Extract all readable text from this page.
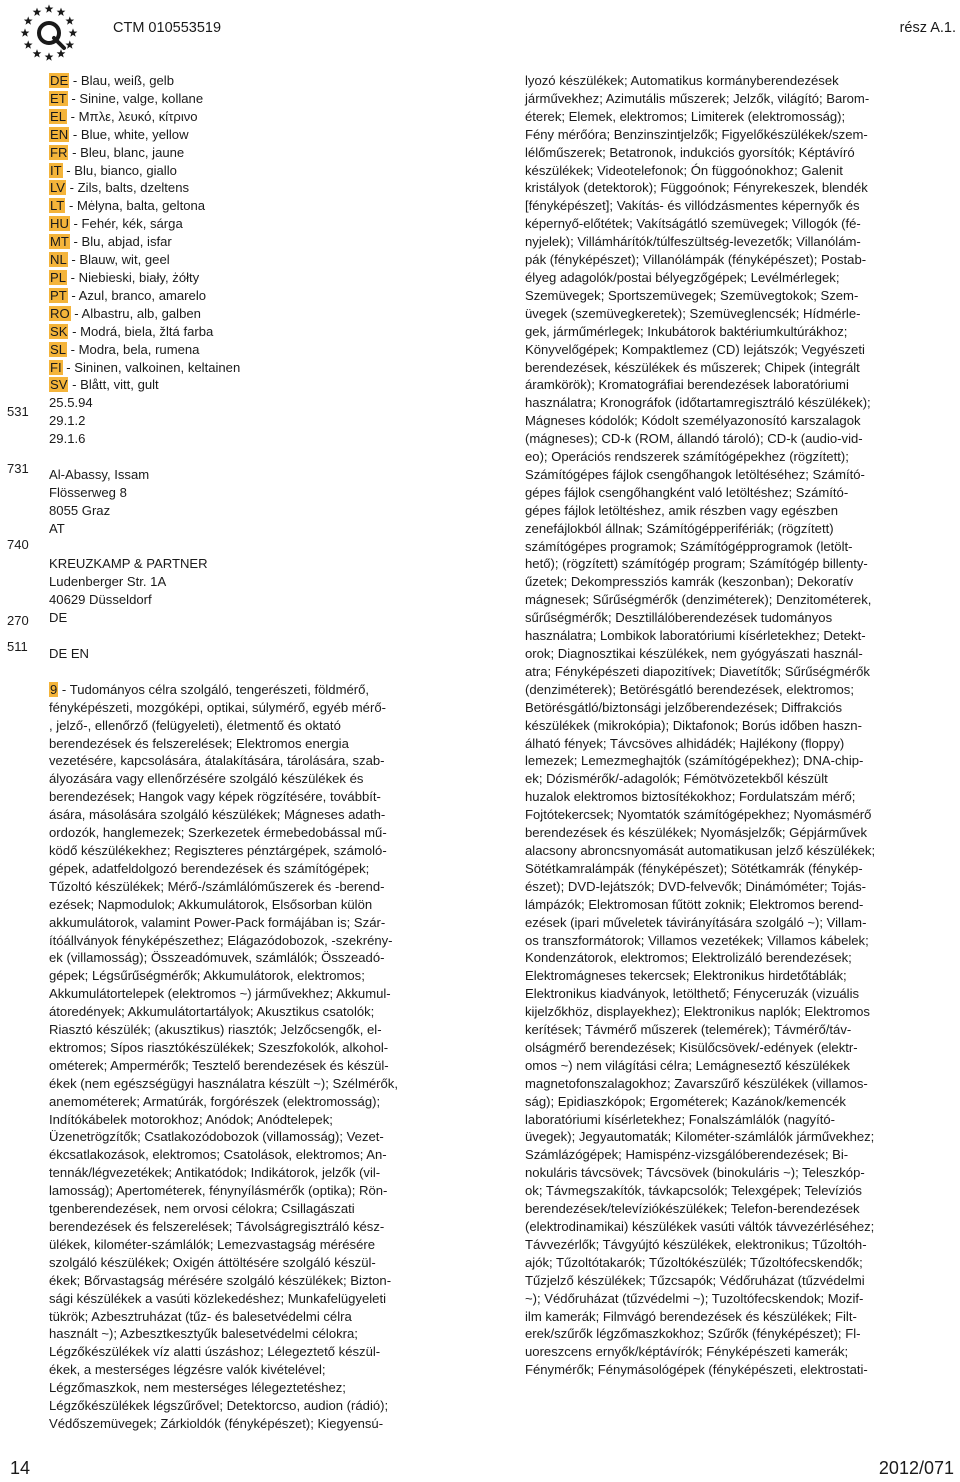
CTM 010553519	rész A.1.
DE - Blau, weiß, gelb
ET - Sinine, valge, kollane
EL - Μπλε, λευκό, κίτρινο
EN - Blue, white, yellow
FR - Bleu, blanc, jaune
IT - Blu, bianco, giallo
LV - Zils, balts, dzeltens
LT - Mėlyna, balta, geltona
HU - Fehér, kék, sárga
MT - Blu, abjad, isfar
NL - Blauw, wit, geel
PL - Niebieski, biały, żółty
PT - Azul, branco, amarelo
RO - Albastru, alb, galben
SK - Modrá, biela, žltá farba
SL - Modra, bela, rumena
FI - Sininen, valkoinen, keltainen
SV - Blått, vitt, gult
25.5.94
29.1.2
29.1.6

Al-Abassy, Issam
Flösserweg 8
8055 Graz
AT

KREUZKAMP & PARTNER
Ludenberger Str. 1A
40629 Düsseldorf
DE

DE EN

9 - Tudományos célra szolgáló, tengerészeti, földmérő,
fényképészeti, mozgóképi, optikai, súlymérő, egyéb mérő-
, jelző-, ellenőrző (felügyeleti), életmentő és oktató
berendezések és felszerelések; Elektromos energia
vezetésére, kapcsolására, átalakítására, tárolására, szab-
ályozására vagy ellenőrzésére szolgáló készülékek és
berendezések; Hangok vagy képek rögzítésére, továbbít-
ására, másolására szolgáló készülékek; Mágneses adath-
ordozók, hanglemezek; Szerkezetek érmebedobással mű-
ködő készülékekhez; Regiszteres pénztárgépek, számoló-
gépek, adatfeldolgozó berendezések és számítógépek;
Tűzoltó készülékek; Mérő-/számlálóműszerek és -berend-
ezések; Napmodulok; Akkumulátorok, Elsősorban külön
akkumulátorok, valamint Power-Pack formájában is; Szár-
ítóállványok fényképészethez; Elágazódobozok, -szekrény-
ek (villamosság); Összeadómuvek, számlálók; Összeadó-
gépek; Légsűrűségmérők; Akkumulátorok, elektromos;
Akkumulátortelepek (elektromos ~) járművekhez; Akkumul-
átoredények; Akkumulátortartályok; Akusztikus csatolók;
Riasztó készülék; (akusztikus) riasztók; Jelzőcsengők, el-
ektromos; Sípos riasztókészülékek; Szeszfokolók, alkohol-
ométerek; Ampermérők; Tesztelő berendezések és készül-
ékek (nem egészségügyi használatra készült ~); Szélmérők,
anemométerek; Armatúrák, forgórészek (elektromosság);
Indítókábelek motorokhoz; Anódok; Anódtelepek;
Üzenetrögzítők; Csatlakozódobozok (villamosság); Vezet-
ékcsatlakozások, elektromos; Csatolások, elektromos; An-
tennák/légvezetékek; Antikatódok; Indikátorok, jelzők (vil-
lamosság); Apertométerek, fénynyílásmérők (optika); Rön-
tgenberendezések, nem orvosi célokra; Csillagászati
berendezések és felszerelések; Távolságregisztráló kész-
ülékek, kilométer-számlálók; Lemezvastagság mérésére
szolgáló készülékek; Oxigén áttöltésére szolgáló készül-
ékek; Bőrvastagság mérésére szolgáló készülékek; Bizton-
sági készülékek a vasúti közlekedéshez; Munkafelügyeleti
tükrök; Azbesztruházat (tűz- és balesetvédelmi célra
használt ~); Azbesztkesztyűk balesetvédelmi célokra;
Légzőkészülékek víz alatti úszáshoz; Lélegeztető készül-
ékek, a mesterséges légzésre valók kivételével;
Légzőmaszkok, nem mesterséges lélegeztetéshez;
Légzőkészülékek légszűrővel; Detektorcso, audion (rádió);
Védőszemüvegek; Zárkioldók (fényképészet); Kiegyensú-
531
731
740
270
511
lyozó készülékek; Automatikus kormányberendezések
járművekhez; Azimutális műszerek; Jelzők, világító; Barom-
éterek; Elemek, elektromos; Limiterek (elektromosság);
Fény mérőóra; Benzinszintjelzők; Figyelőkészülékek/szem-
lélőműszerek; Betatronok, indukciós gyorsítók; Képtávíró
készülékek; Videotelefonok; Ón függoónokhoz; Galenit
kristályok (detektorok); Függoónok; Fényrekeszek, blendék
[fényképészet]; Vakítás- és villódzásmentes képernyők és
képernyő-előtétek; Vakítságátló szemüvegek; Villogók (fé-
nyjelek); Villámhárítók/túlfeszültség-levezetők; Villanólám-
pák (fényképészet); Villanólámpák (fényképészet); Postab-
élyeg adagolók/postai bélyegzőgépek; Levélmérlegek;
Szemüvegek; Sportszemüvegek; Szemüvegtokok; Szem-
üvegek (szemüvegkeretek); Szemüveglencsék; Hídmérle-
gek, járműmérlegek; Inkubátorok baktériumkultúrákhoz;
Könyvelőgépek; Kompaktlemez (CD) lejátszók; Vegyészeti
berendezések, készülékek és műszerek; Chipek (integrált
áramkörök); Kromatográfiai berendezések laboratóriumi
használatra; Kronográfok (időtartamregisztráló készülékek);
Mágneses kódolók; Kódolt személyazonosító karszalagok
(mágneses); CD-k (ROM, állandó tároló); CD-k (audio-vid-
eo); Operációs rendszerek számítógépekhez (rögzített);
Számítógépes fájlok csengőhangok letöltéséhez; Számító-
gépes fájlok csengőhangként való letöltéshez; Számító-
gépes fájlok letöltéshez, amik részben vagy egészben
zenefájlokból állnak; Számítógépperifériák; (rögzített)
számítógépes programok; Számítógépprogramok (letölt-
hető); (rögzített) számítógép program; Számítógép billenty-
űzetek; Dekompressziós kamrák (keszonban); Dekoratív
mágnesek; Sűrűségmérők (denziméterek); Denzitométerek,
sűrűségmérők; Desztillálóberendezések tudományos
használatra; Lombikok laboratóriumi kísérletekhez; Detekt-
orok; Diagnosztikai készülékek, nem gyógyászati használ-
atra; Fényképészeti diapozitívek; Diavetítők; Sűrűségmérők
(denziméterek); Betörésgátló berendezések, elektromos;
Betörésgátló/biztonsági jelzőberendezések; Diffrakciós
készülékek (mikrokópia); Diktafonok; Borús időben haszn-
álható fények; Távcsöves alhidádék; Hajlékony (floppy)
lemezek; Lemezmeghajtók (számítógépekhez); DNA-chip-
ek; Dózismérők/-adagolók; Fémötvözetekből készült
huzalok elektromos biztosítékokhoz; Fordulatszám mérő;
Fojtótekercsek; Nyomtatók számítógépekhez; Nyomásmérő
berendezések és készülékek; Nyomásjelzők; Gépjárművek
alacsony abroncsnyomását automatikusan jelző készülékek;
Sötétkamralámpák (fényképészet); Sötétkamrák (fénykép-
észet); DVD-lejátszók; DVD-felvevők; Dinámóméter; Tojás-
lámpázók; Elektromosan fűtött zoknik; Elektromos berend-
ezések (ipari műveletek távirányítására szolgáló ~); Villam-
os transzformátorok; Villamos vezetékek; Villamos kábelek;
Kondenzátorok, elektromos; Elektrolizáló berendezések;
Elektromágneses tekercsek; Elektronikus hirdetőtáblák;
Elektronikus kiadványok, letölthető; Fényceruzák (vizuális
kijelzőkhöz, displayekhez); Elektronikus naplók; Elektromos
kerítések; Távmérő műszerek (telemérek); Távmérő/táv-
olságmérő berendezések; Kisülőcsövek/-edények (elektr-
omos ~) nem világítási célra; Lemágneseztő készülékek
magnetofonszalagokhoz; Zavarszűrő készülékek (villamos-
ság); Epidiaszkópok; Ergométerek; Kazánok/kemencék
laboratóriumi kísérletekhez; Fonalszámlálók (nagyító-
üvegek); Jegyautomaták; Kilométer-számlálók járművekhez;
Számlázógépek; Hamispénz-vizsgálóberendezések; Bi-
nokuláris távcsövek; Távcsövek (binokuláris ~); Teleszkóp-
ok; Távmegszakítók, távkapcsolók; Telexgépek; Televíziós
berendezések/televíziókészülékek; Telefon-berendezések
(elektrodinamikai) készülékek vasúti váltók távvezérléséhez;
Távvezérlők; Távgyújtó készülékek, elektronikus; Tűzoltóh-
ajók; Tűzoltótakarók; Tűzoltókészülék; Tűzoltófecskendők;
Tűzjelző készülékek; Tűzcsapók; Védőruházat (tűzvédelmi
~); Védőruházat (tűzvédelmi ~); Tuzoltófecskendok; Mozif-
ilm kamerák; Filmvágó berendezések és készülékek; Filt-
erek/szűrők légzőmaszkokhoz; Szűrők (fényképészet); Fl-
uoreszcens ernyők/képtávírók; Fényképészeti kamerák;
Fénymérők; Fénymásológépek (fényképészeti, elektrostati-
14	2012/071
